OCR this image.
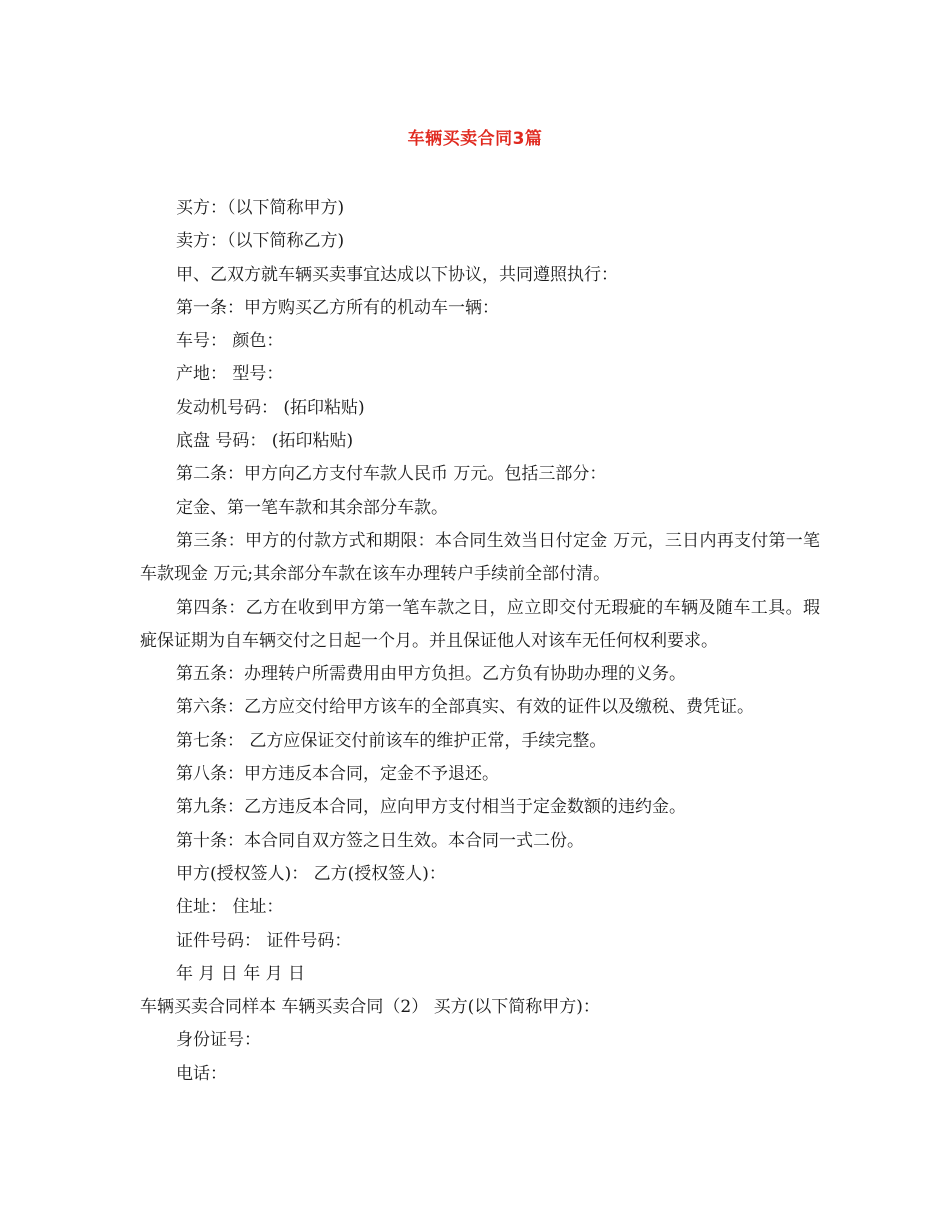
车辆买卖合同3篇
买方：（以下简称甲方)
卖方：（以下简称乙方)
甲、乙双方就车辆买卖事宜达成以下协议，共同遵照执行：
第一条：甲方购买乙方所有的机动车一辆：
车号： 颜色：
产地： 型号：
发动机号码： (拓印粘贴)
底盘 号码： (拓印粘贴)
第二条：甲方向乙方支付车款人民币 万元。包括三部分：
定金、第一笔车款和其余部分车款。
第三条：甲方的付款方式和期限：本合同生效当日付定金 万元，三日内再支付第一笔车款现金 万元;其余部分车款在该车办理转户手续前全部付清。
第四条：乙方在收到甲方第一笔车款之日，应立即交付无瑕疵的车辆及随车工具。瑕疵保证期为自车辆交付之日起一个月。并且保证他人对该车无任何权利要求。
第五条：办理转户所需费用由甲方负担。乙方负有协助办理的义务。
第六条：乙方应交付给甲方该车的全部真实、有效的证件以及缴税、费凭证。
第七条： 乙方应保证交付前该车的维护正常，手续完整。
第八条：甲方违反本合同，定金不予退还。
第九条：乙方违反本合同，应向甲方支付相当于定金数额的违约金。
第十条：本合同自双方签之日生效。本合同一式二份。
甲方(授权签人)： 乙方(授权签人)：
住址： 住址：
证件号码： 证件号码：
年 月 日 年 月 日
车辆买卖合同样本 车辆买卖合同（2） 买方(以下简称甲方)：
身份证号：
电话：
